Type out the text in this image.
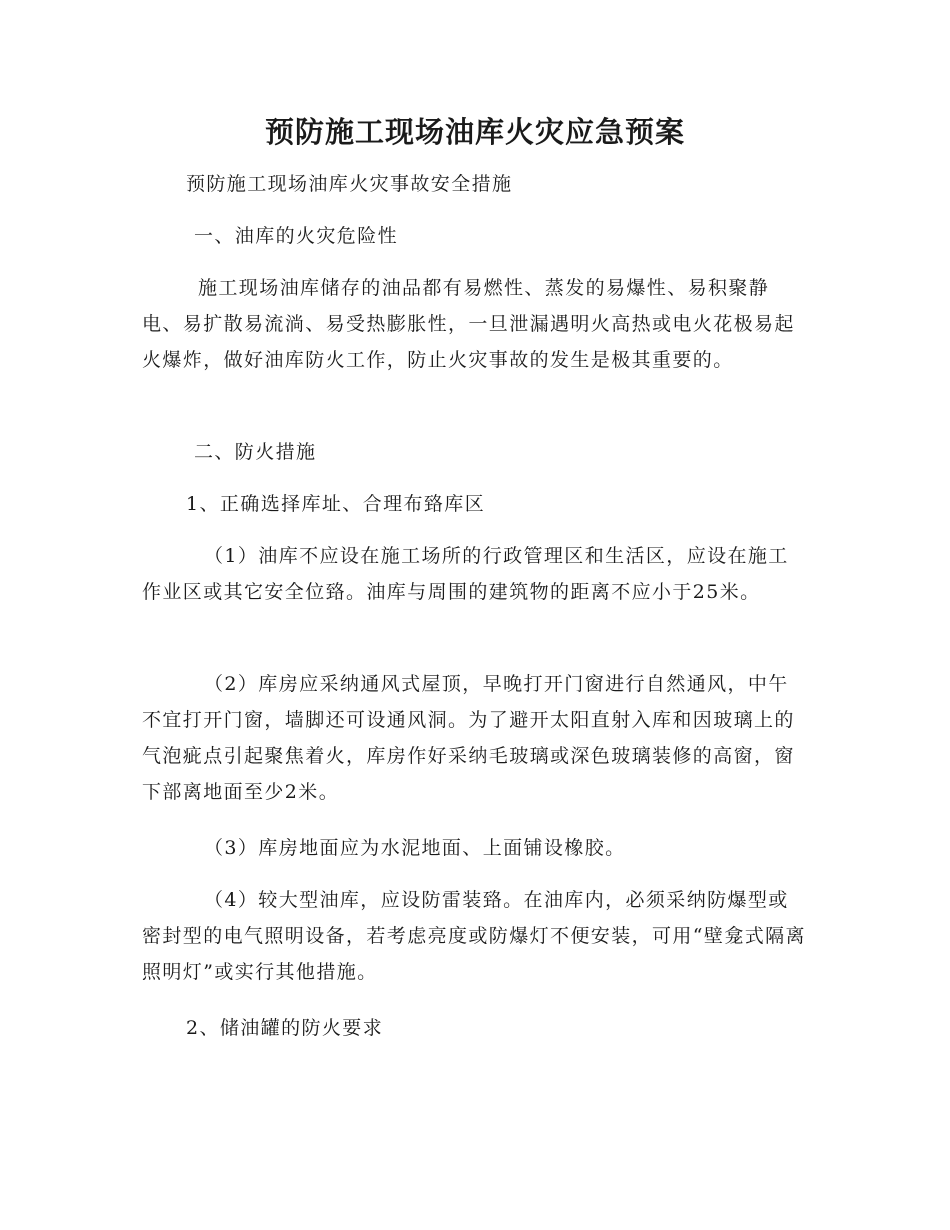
预防施工现场油库火灾应急预案

预防施工现场油库火灾事故安全措施

一、油库的火灾危险性

施工现场油库储存的油品都有易燃性、蒸发的易爆性、易积聚静电、易扩散易流淌、易受热膨胀性，一旦泄漏遇明火高热或电火花极易起火爆炸，做好油库防火工作，防止火灾事故的发生是极其重要的。

二、防火措施

1、正确选择库址、合理布臵库区

（1）油库不应设在施工场所的行政管理区和生活区，应设在施工作业区或其它安全位臵。油库与周围的建筑物的距离不应小于25米。

（2）库房应采纳通风式屋顶，早晚打开门窗进行自然通风，中午不宜打开门窗，墙脚还可设通风洞。为了避开太阳直射入库和因玻璃上的气泡疵点引起聚焦着火，库房作好采纳毛玻璃或深色玻璃装修的高窗，窗下部离地面至少2米。

（3）库房地面应为水泥地面、上面铺设橡胶。

（4）较大型油库，应设防雷装臵。在油库内，必须采纳防爆型或密封型的电气照明设备，若考虑亮度或防爆灯不便安装，可用“壁龛式隔离照明灯”或实行其他措施。

2、储油罐的防火要求
